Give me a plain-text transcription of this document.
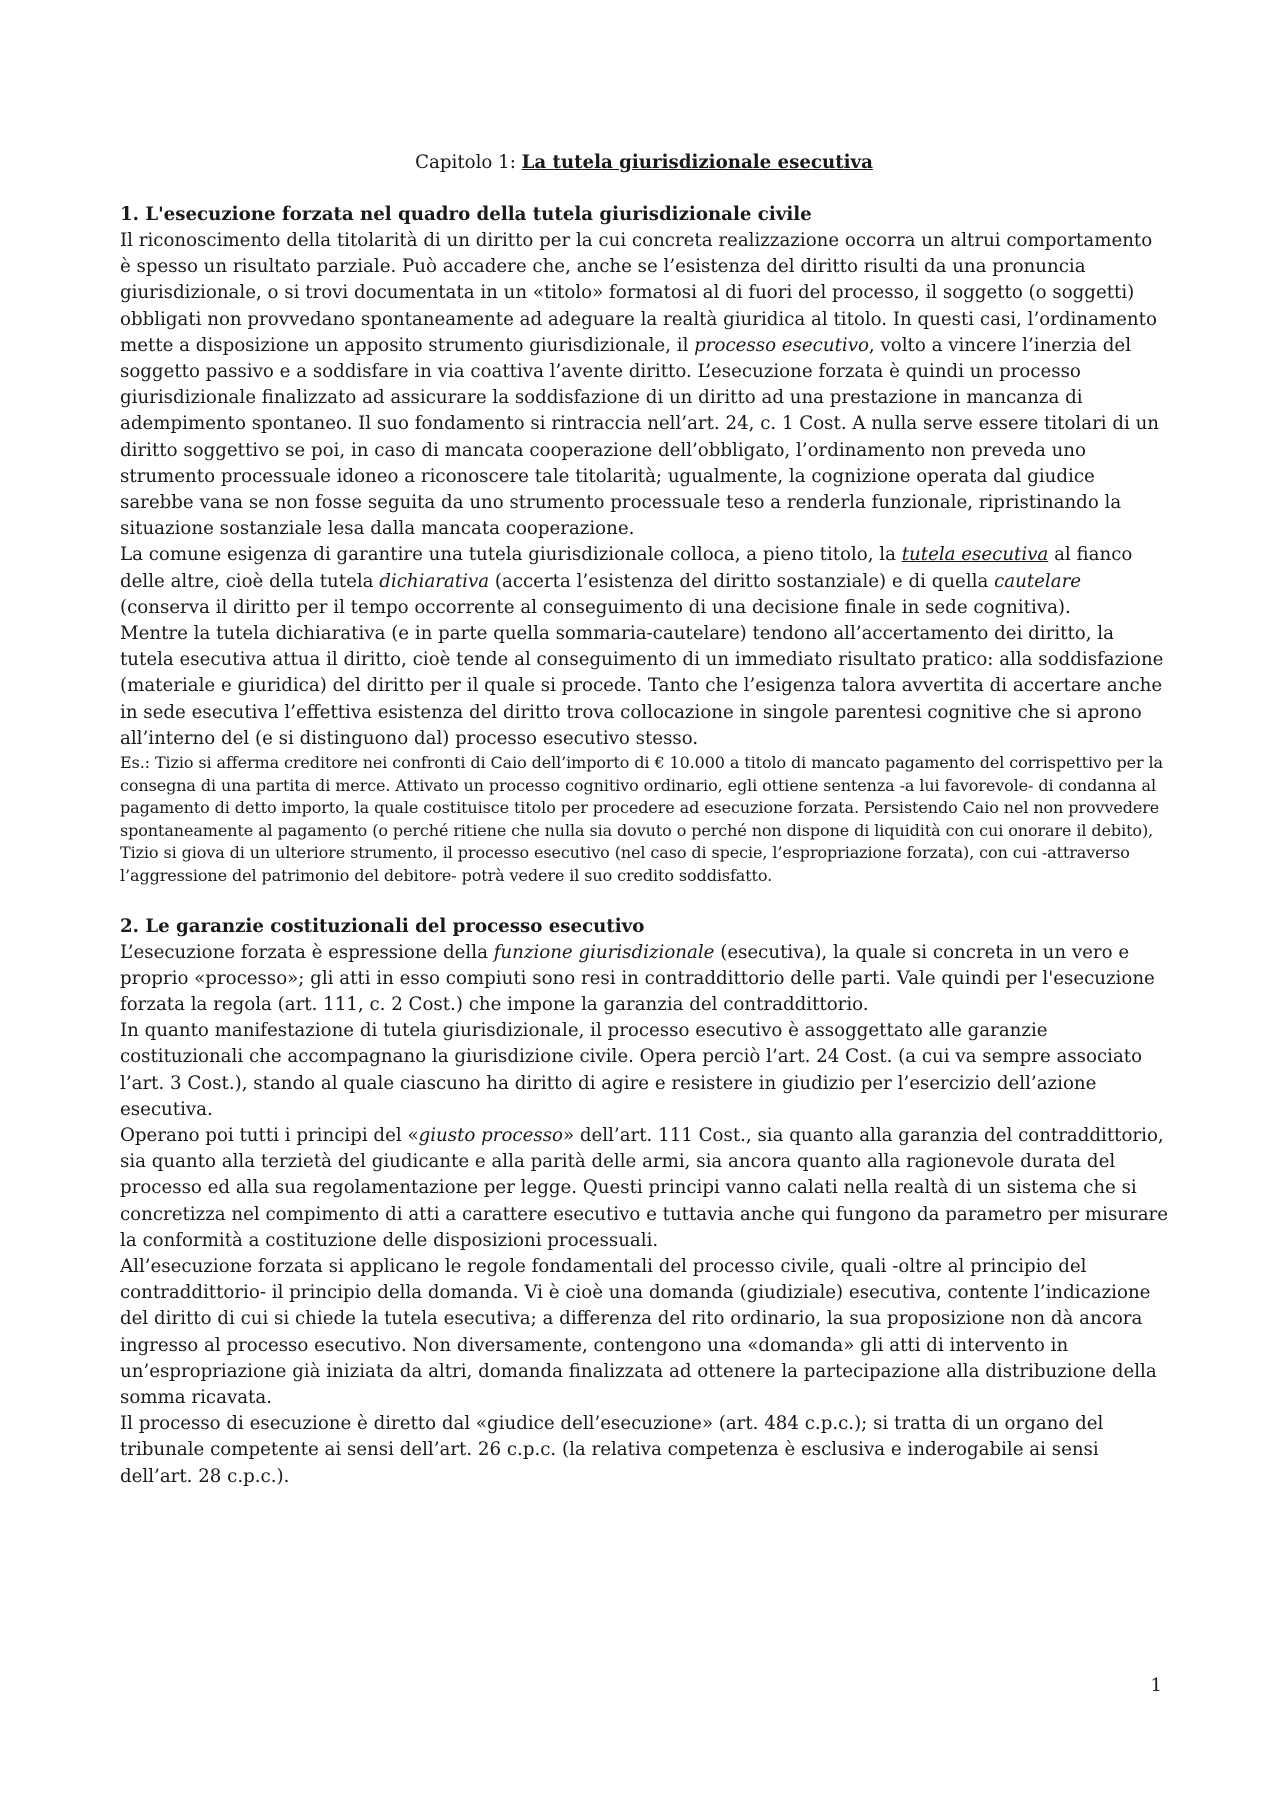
Capitolo 1: La tutela giurisdizionale esecutiva
1. L'esecuzione forzata nel quadro della tutela giurisdizionale civile

Il riconoscimento della titolarità di un diritto per la cui concreta realizzazione occorra un altrui comportamento è spesso un risultato parziale. Può accadere che, anche se l’esistenza del diritto risulti da una pronuncia giurisdizionale, o si trovi documentata in un «titolo» formatosi al di fuori del processo, il soggetto (o soggetti) obbligati non provvedano spontaneamente ad adeguare la realtà giuridica al titolo. In questi casi, l’ordinamento mette a disposizione un apposito strumento giurisdizionale, il processo esecutivo, volto a vincere l’inerzia del soggetto passivo e a soddisfare in via coattiva l’avente diritto. L’esecuzione forzata è quindi un processo giurisdizionale finalizzato ad assicurare la soddisfazione di un diritto ad una prestazione in mancanza di adempimento spontaneo. Il suo fondamento si rintraccia nell’art. 24, c. 1 Cost. A nulla serve essere titolari di un diritto soggettivo se poi, in caso di mancata cooperazione dell’obbligato, l’ordinamento non preveda uno strumento processuale idoneo a riconoscere tale titolarità; ugualmente, la cognizione operata dal giudice sarebbe vana se non fosse seguita da uno strumento processuale teso a renderla funzionale, ripristinando la situazione sostanziale lesa dalla mancata cooperazione.

La comune esigenza di garantire una tutela giurisdizionale colloca, a pieno titolo, la tutela esecutiva al fianco delle altre, cioè della tutela dichiarativa (accerta l’esistenza del diritto sostanziale) e di quella cautelare (conserva il diritto per il tempo occorrente al conseguimento di una decisione finale in sede cognitiva).

Mentre la tutela dichiarativa (e in parte quella sommaria-cautelare) tendono all’accertamento dei diritto, la tutela esecutiva attua il diritto, cioè tende al conseguimento di un immediato risultato pratico: alla soddisfazione (materiale e giuridica) del diritto per il quale si procede. Tanto che l’esigenza talora avvertita di accertare anche in sede esecutiva l’effettiva esistenza del diritto trova collocazione in singole parentesi cognitive che si aprono all’interno del (e si distinguono dal) processo esecutivo stesso.

Es.: Tizio si afferma creditore nei confronti di Caio dell’importo di € 10.000 a titolo di mancato pagamento del corrispettivo per la consegna di una partita di merce. Attivato un processo cognitivo ordinario, egli ottiene sentenza -a lui favorevole- di condanna al pagamento di detto importo, la quale costituisce titolo per procedere ad esecuzione forzata. Persistendo Caio nel non provvedere spontaneamente al pagamento (o perché ritiene che nulla sia dovuto o perché non dispone di liquidità con cui onorare il debito), Tizio si giova di un ulteriore strumento, il processo esecutivo (nel caso di specie, l’espropriazione forzata), con cui -attraverso l’aggressione del patrimonio del debitore- potrà vedere il suo credito soddisfatto.

2. Le garanzie costituzionali del processo esecutivo

L’esecuzione forzata è espressione della funzione giurisdizionale (esecutiva), la quale si concreta in un vero e proprio «processo»; gli atti in esso compiuti sono resi in contraddittorio delle parti. Vale quindi per l'esecuzione forzata la regola (art. 111, c. 2 Cost.) che impone la garanzia del contraddittorio.

In quanto manifestazione di tutela giurisdizionale, il processo esecutivo è assoggettato alle garanzie costituzionali che accompagnano la giurisdizione civile. Opera perciò l’art. 24 Cost. (a cui va sempre associato l’art. 3 Cost.), stando al quale ciascuno ha diritto di agire e resistere in giudizio per l’esercizio dell’azione esecutiva.

Operano poi tutti i principi del «giusto processo» dell’art. 111 Cost., sia quanto alla garanzia del contraddittorio, sia quanto alla terzietà del giudicante e alla parità delle armi, sia ancora quanto alla ragionevole durata del processo ed alla sua regolamentazione per legge. Questi principi vanno calati nella realtà di un sistema che si concretizza nel compimento di atti a carattere esecutivo e tuttavia anche qui fungono da parametro per misurare la conformità a costituzione delle disposizioni processuali.

All’esecuzione forzata si applicano le regole fondamentali del processo civile, quali -oltre al principio del contraddittorio- il principio della domanda. Vi è cioè una domanda (giudiziale) esecutiva, contente l’indicazione del diritto di cui si chiede la tutela esecutiva; a differenza del rito ordinario, la sua proposizione non dà ancora ingresso al processo esecutivo. Non diversamente, contengono una «domanda» gli atti di intervento in un’espropriazione già iniziata da altri, domanda finalizzata ad ottenere la partecipazione alla distribuzione della somma ricavata.

Il processo di esecuzione è diretto dal «giudice dell’esecuzione» (art. 484 c.p.c.); si tratta di un organo del tribunale competente ai sensi dell’art. 26 c.p.c. (la relativa competenza è esclusiva e inderogabile ai sensi dell’art. 28 c.p.c.).

1
